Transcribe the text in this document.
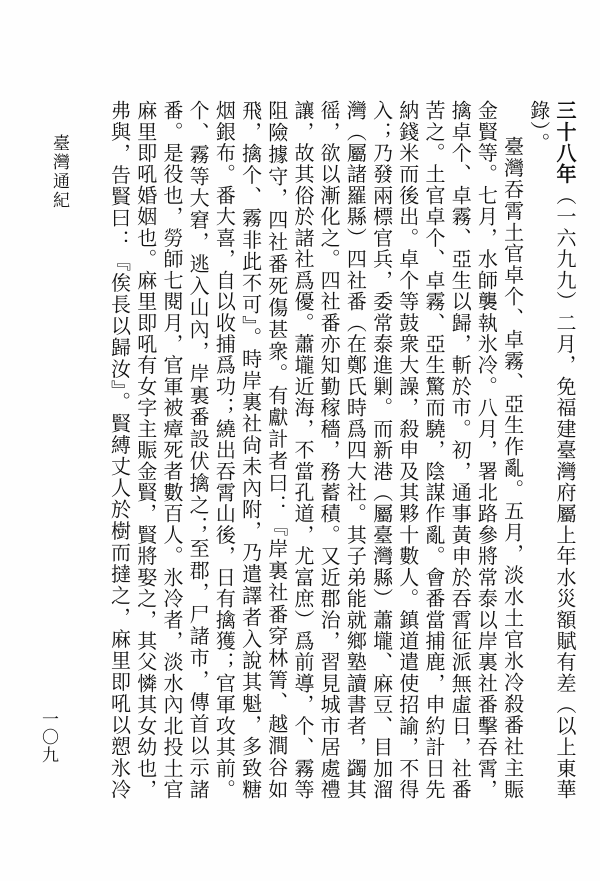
三十八年（一六九九）二月，免福建臺灣府屬上年水災額賦有差（以上東華錄）。

臺灣吞霄土官卓个、卓霧、亞生作亂。五月，淡水土官氷冷殺番社主賑金賢等。七月，水師襲執氷冷。八月，署北路參將常泰以岸裏社番擊吞霄，擒卓个、卓霧、亞生以歸，斬於市。初，通事黃申於吞霄征派無虛日，社番苦之。土官卓个、卓霧、亞生驚而驍，陰謀作亂。會番當捕鹿，申約計日先納錢米而後出。卓个等鼓衆大譟，殺申及其夥十數人。鎮道遣使招諭，不得入；乃發兩標官兵，委常泰進剿。而新港（屬臺灣縣）蕭壠、麻豆、目加溜灣（屬諸羅縣）四社番（在鄭氏時爲四大社。其子弟能就鄉塾讀書者，蠲其徭，欲以漸化之。四社番亦知勤稼穡，務蓄積。又近郡治，習見城市居處禮讓，故其俗於諸社爲優。蕭壠近海，不當孔道，尤富庶）爲前導，个、霧等阻險據守，四社番死傷甚衆。有獻計者曰：『岸裏社番穿林箐、越澗谷如飛，擒个、霧非此不可』。時岸裏社尙未內附，乃遣譯者入說其魁，多致糖烟銀布。番大喜，自以收捕爲功；繞出吞霄山後，日有擒獲；官軍攻其前。个、霧等大窘，逃入山內，岸裏番設伏擒之；至郡，尸諸市，傳首以示諸番。是役也，勞師七閱月，官軍被瘴死者數百人。氷冷者，淡水內北投土官麻里即吼婚姻也。麻里即吼有女字主賑金賢，賢將娶之，其父憐其女幼也，弗與，告賢曰：『俟長以歸汝』。賢縛丈人於樹而撻之，麻里即吼以愬氷冷

臺灣通紀
一〇九
